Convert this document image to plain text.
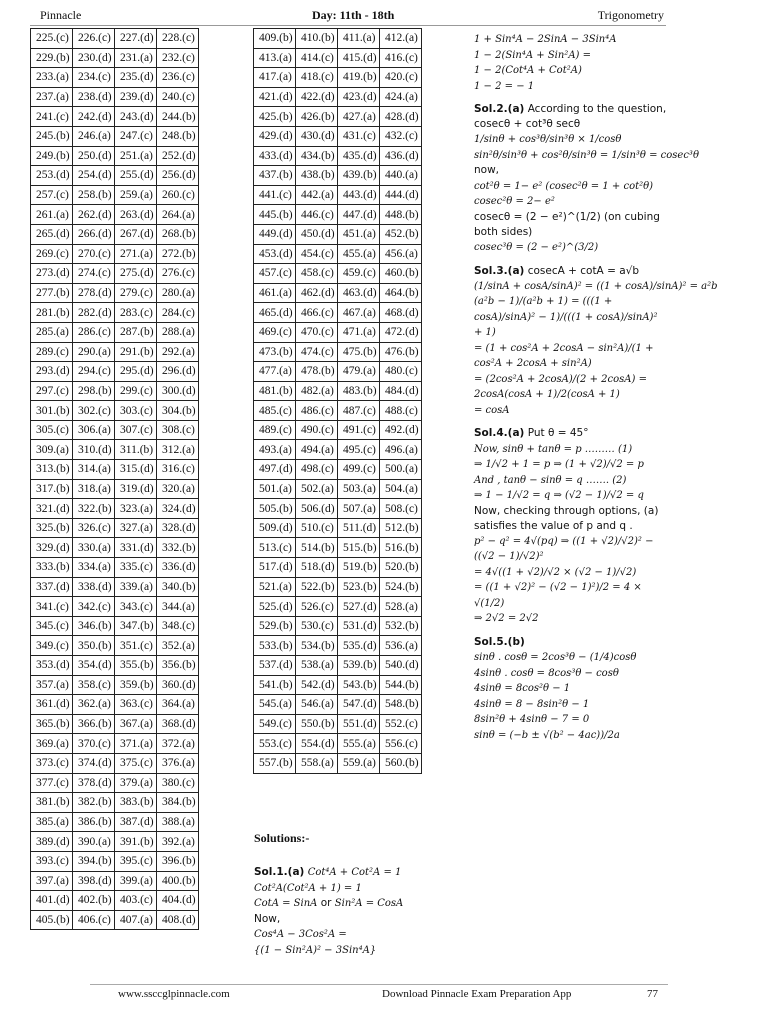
Pinnacle	Day: 11th - 18th	Trigonometry
225.(c)	226.(c)	227.(d)	228.(c)
229.(b)	230.(d)	231.(a)	232.(c)
233.(a)	234.(c)	235.(d)	236.(c)
237.(a)	238.(d)	239.(d)	240.(c)
241.(c)	242.(d)	243.(d)	244.(b)
245.(b)	246.(a)	247.(c)	248.(b)
249.(b)	250.(d)	251.(a)	252.(d)
253.(d)	254.(d)	255.(d)	256.(d)
257.(c)	258.(b)	259.(a)	260.(c)
261.(a)	262.(d)	263.(d)	264.(a)
265.(d)	266.(d)	267.(d)	268.(b)
269.(c)	270.(c)	271.(a)	272.(b)
273.(d)	274.(c)	275.(d)	276.(c)
277.(b)	278.(d)	279.(c)	280.(a)
281.(b)	282.(d)	283.(c)	284.(c)
285.(a)	286.(c)	287.(b)	288.(a)
289.(c)	290.(a)	291.(b)	292.(a)
293.(d)	294.(c)	295.(d)	296.(d)
297.(c)	298.(b)	299.(c)	300.(d)
301.(b)	302.(c)	303.(c)	304.(b)
305.(c)	306.(a)	307.(c)	308.(c)
309.(a)	310.(d)	311.(b)	312.(a)
313.(b)	314.(a)	315.(d)	316.(c)
317.(b)	318.(a)	319.(d)	320.(a)
321.(d)	322.(b)	323.(a)	324.(d)
325.(b)	326.(c)	327.(a)	328.(d)
329.(d)	330.(a)	331.(d)	332.(b)
333.(b)	334.(a)	335.(c)	336.(d)
337.(d)	338.(d)	339.(a)	340.(b)
341.(c)	342.(c)	343.(c)	344.(a)
345.(c)	346.(b)	347.(b)	348.(c)
349.(c)	350.(b)	351.(c)	352.(a)
353.(d)	354.(d)	355.(b)	356.(b)
357.(a)	358.(c)	359.(b)	360.(d)
361.(d)	362.(a)	363.(c)	364.(a)
365.(b)	366.(b)	367.(a)	368.(d)
369.(a)	370.(c)	371.(a)	372.(a)
373.(c)	374.(d)	375.(c)	376.(a)
377.(c)	378.(d)	379.(a)	380.(c)
381.(b)	382.(b)	383.(b)	384.(b)
385.(a)	386.(b)	387.(d)	388.(a)
389.(d)	390.(a)	391.(b)	392.(a)
393.(c)	394.(b)	395.(c)	396.(b)
397.(a)	398.(d)	399.(a)	400.(b)
401.(d)	402.(b)	403.(c)	404.(d)
405.(b)	406.(c)	407.(a)	408.(d)
409.(b)	410.(b)	411.(a)	412.(a)
413.(a)	414.(c)	415.(d)	416.(c)
417.(a)	418.(c)	419.(b)	420.(c)
421.(d)	422.(d)	423.(d)	424.(a)
425.(b)	426.(b)	427.(a)	428.(d)
429.(d)	430.(d)	431.(c)	432.(c)
433.(d)	434.(b)	435.(d)	436.(d)
437.(b)	438.(b)	439.(b)	440.(a)
441.(c)	442.(a)	443.(d)	444.(d)
445.(b)	446.(c)	447.(d)	448.(b)
449.(d)	450.(d)	451.(a)	452.(b)
453.(d)	454.(c)	455.(a)	456.(a)
457.(c)	458.(c)	459.(c)	460.(b)
461.(a)	462.(d)	463.(d)	464.(b)
465.(d)	466.(c)	467.(a)	468.(d)
469.(c)	470.(c)	471.(a)	472.(d)
473.(b)	474.(c)	475.(b)	476.(b)
477.(a)	478.(b)	479.(a)	480.(c)
481.(b)	482.(a)	483.(b)	484.(d)
485.(c)	486.(c)	487.(c)	488.(c)
489.(c)	490.(c)	491.(c)	492.(d)
493.(a)	494.(a)	495.(c)	496.(a)
497.(d)	498.(c)	499.(c)	500.(a)
501.(a)	502.(a)	503.(a)	504.(a)
505.(b)	506.(d)	507.(a)	508.(c)
509.(d)	510.(c)	511.(d)	512.(b)
513.(c)	514.(b)	515.(b)	516.(b)
517.(d)	518.(d)	519.(b)	520.(b)
521.(a)	522.(b)	523.(b)	524.(b)
525.(d)	526.(c)	527.(d)	528.(a)
529.(b)	530.(c)	531.(d)	532.(b)
533.(b)	534.(b)	535.(d)	536.(a)
537.(d)	538.(a)	539.(b)	540.(d)
541.(b)	542.(d)	543.(b)	544.(b)
545.(a)	546.(a)	547.(d)	548.(b)
549.(c)	550.(b)	551.(d)	552.(c)
553.(c)	554.(d)	555.(a)	556.(c)
557.(b)	558.(a)	559.(a)	560.(b)
Solutions:-
Sol.1.(a) Cot⁴A + Cot²A = 1
Cot²A(Cot²A + 1) = 1
CotA = SinA or Sin²A = CosA
Now,
Cos⁴A − 3Cos²A =
{(1 − Sin²A)² − 3Sin⁴A}
1 + Sin⁴A − 2SinA − 3Sin⁴A
1 − 2(Sin⁴A + Sin²A) =
1 − 2(Cot⁴A + Cot²A)
1 − 2 = − 1
Sol.2.(a) According to the question,
cosecθ + cot³θ secθ
1/sinθ + cos³θ/sin³θ × 1/cosθ
sin²θ/sin³θ + cos²θ/sin³θ = 1/sin³θ = cosec³θ
now,
cot²θ = 1− e² (cosec²θ = 1 + cot²θ)
cosec²θ = 2− e²
cosecθ = (2 − e²)^(1/2) (on cubing both sides)
cosec³θ = (2 − e²)^(3/2)
Sol.3.(a) cosecA + cotA = a√b
(1/sinA + cosA/sinA)² = ((1 + cosA)/sinA)² = a²b
(a²b − 1)/(a²b + 1) = (((1 + cosA)/sinA)² − 1)/(((1 + cosA)/sinA)² + 1)
= (1 + cos²A + 2cosA − sin²A)/(1 + cos²A + 2cosA + sin²A)
= (2cos²A + 2cosA)/(2 + 2cosA) = 2cosA(cosA + 1)/2(cosA + 1)
= cosA
Sol.4.(a) Put θ = 45°
Now, sinθ + tanθ = p ……… (1)
⇒ 1/√2 + 1 = p ⇒ (1 + √2)/√2 = p
And , tanθ − sinθ = q ……. (2)
⇒ 1 − 1/√2 = q ⇒ (√2 − 1)/√2 = q
Now, checking through options, (a) satisfies the value of p and q .
p² − q² = 4√(pq) ⇒ ((1 + √2)/√2)² − ((√2 − 1)/√2)²
= 4√((1 + √2)/√2 × (√2 − 1)/√2)
= ((1 + √2)² − (√2 − 1)²)/2 = 4 × √(1/2)
⇒ 2√2 = 2√2
Sol.5.(b)
sinθ . cosθ = 2cos³θ − (1/4)cosθ
4sinθ . cosθ = 8cos³θ − cosθ
4sinθ = 8cos²θ − 1
4sinθ = 8 − 8sin²θ − 1
8sin²θ + 4sinθ − 7 = 0
sinθ = (−b ± √(b² − 4ac))/2a
www.ssccglpinnacle.com	Download Pinnacle Exam Preparation App	77
